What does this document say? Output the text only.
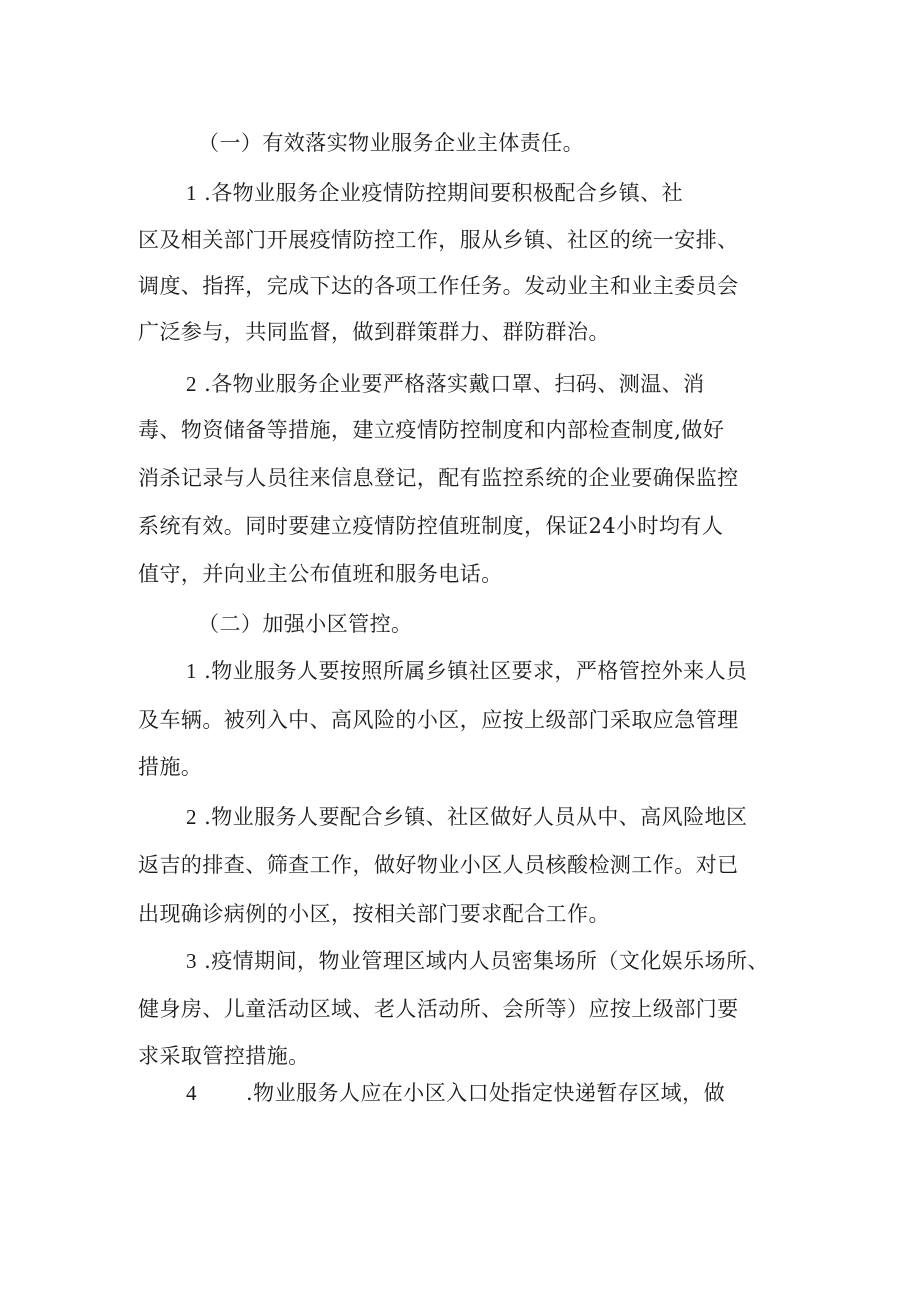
（一）有效落实物业服务企业主体责任。

1 .各物业服务企业疫情防控期间要积极配合乡镇、社

区及相关部门开展疫情防控工作，服从乡镇、社区的统一安排、

调度、指挥，完成下达的各项工作任务。发动业主和业主委员会

广泛参与，共同监督，做到群策群力、群防群治。

2 .各物业服务企业要严格落实戴口罩、扫码、测温、消

毒、物资储备等措施，建立疫情防控制度和内部检查制度,做好

消杀记录与人员往来信息登记，配有监控系统的企业要确保监控

系统有效。同时要建立疫情防控值班制度，保证24小时均有人

值守，并向业主公布值班和服务电话。

（二）加强小区管控。

1 .物业服务人要按照所属乡镇社区要求，严格管控外来人员

及车辆。被列入中、高风险的小区，应按上级部门采取应急管理

措施。

2 .物业服务人要配合乡镇、社区做好人员从中、高风险地区

返吉的排查、筛查工作，做好物业小区人员核酸检测工作。对已

出现确诊病例的小区，按相关部门要求配合工作。

3 .疫情期间，物业管理区域内人员密集场所（文化娱乐场所、

健身房、儿童活动区域、老人活动所、会所等）应按上级部门要

求采取管控措施。

4 .物业服务人应在小区入口处指定快递暂存区域，做
